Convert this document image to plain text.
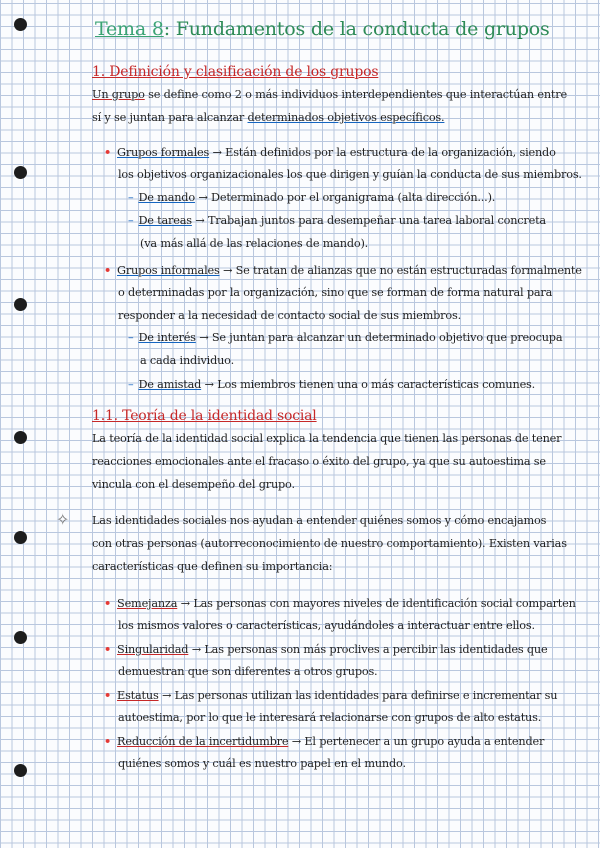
Tema 8: Fundamentos de la conducta de grupos
1. Definición y clasificación de los grupos
Un grupo se define como 2 o más individuos interdependientes que interactúan entre
sí y se juntan para alcanzar determinados objetivos específicos.
• Grupos formales → Están definidos por la estructura de la organización, siendo
los objetivos organizacionales los que dirigen y guían la conducta de sus miembros.
– De mando → Determinado por el organigrama (alta dirección...).
– De tareas → Trabajan juntos para desempeñar una tarea laboral concreta
(va más allá de las relaciones de mando).
• Grupos informales → Se tratan de alianzas que no están estructuradas formalmente
o determinadas por la organización, sino que se forman de forma natural para
responder a la necesidad de contacto social de sus miembros.
– De interés → Se juntan para alcanzar un determinado objetivo que preocupa
a cada individuo.
– De amistad → Los miembros tienen una o más características comunes.
1.1. Teoría de la identidad social
La teoría de la identidad social explica la tendencia que tienen las personas de tener
reacciones emocionales ante el fracaso o éxito del grupo, ya que su autoestima se
vincula con el desempeño del grupo.
✧ Las identidades sociales nos ayudan a entender quiénes somos y cómo encajamos
con otras personas (autorreconocimiento de nuestro comportamiento). Existen varias
características que definen su importancia:
• Semejanza → Las personas con mayores niveles de identificación social comparten
los mismos valores o características, ayudándoles a interactuar entre ellos.
• Singularidad → Las personas son más proclives a percibir las identidades que
demuestran que son diferentes a otros grupos.
• Estatus → Las personas utilizan las identidades para definirse e incrementar su
autoestima, por lo que le interesará relacionarse con grupos de alto estatus.
• Reducción de la incertidumbre → El pertenecer a un grupo ayuda a entender
quiénes somos y cuál es nuestro papel en el mundo.
